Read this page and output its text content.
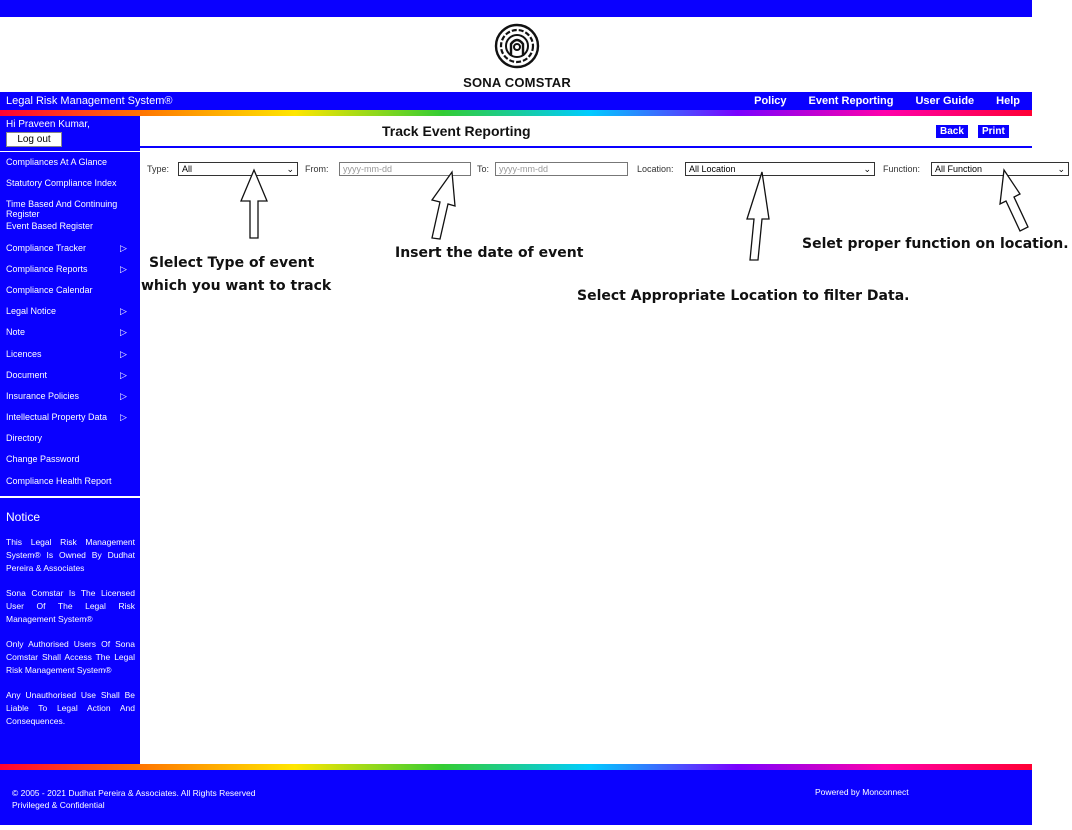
SONA COMSTAR
Legal Risk Management System®	Policy Event Reporting User Guide Help
Hi Praveen Kumar,
Log out
Compliances At A Glance
Statutory Compliance Index
Time Based And Continuing Register
Event Based Register
Compliance Tracker	▷
Compliance Reports	▷
Compliance Calendar
Legal Notice	▷
Note	▷
Licences	▷
Document	▷
Insurance Policies	▷
Intellectual Property Data ▷
Directory
Change Password
Compliance Health Report
Notice

This Legal Risk Management System® Is Owned By Dudhat Pereira & Associates

Sona Comstar Is The Licensed User Of The Legal Risk Management System®

Only Authorised Users Of Sona Comstar Shall Access The Legal Risk Management System®

Any Unauthorised Use Shall Be Liable To Legal Action And Consequences.

Track Event Reporting	Back	Print
Type:	All	⌄ From:	yyyy-mm-dd	To:	yyyy-mm-dd	Location:	All Location	⌄ Function:	All Function	⌄
Slelect Type of event
which you want to track
Insert the date of event
Select Appropriate Location to filter Data.
Selet proper function on location.
© 2005 - 2021 Dudhat Pereira & Associates. All Rights Reserved
Privileged & Confidential
Powered by Monconnect
